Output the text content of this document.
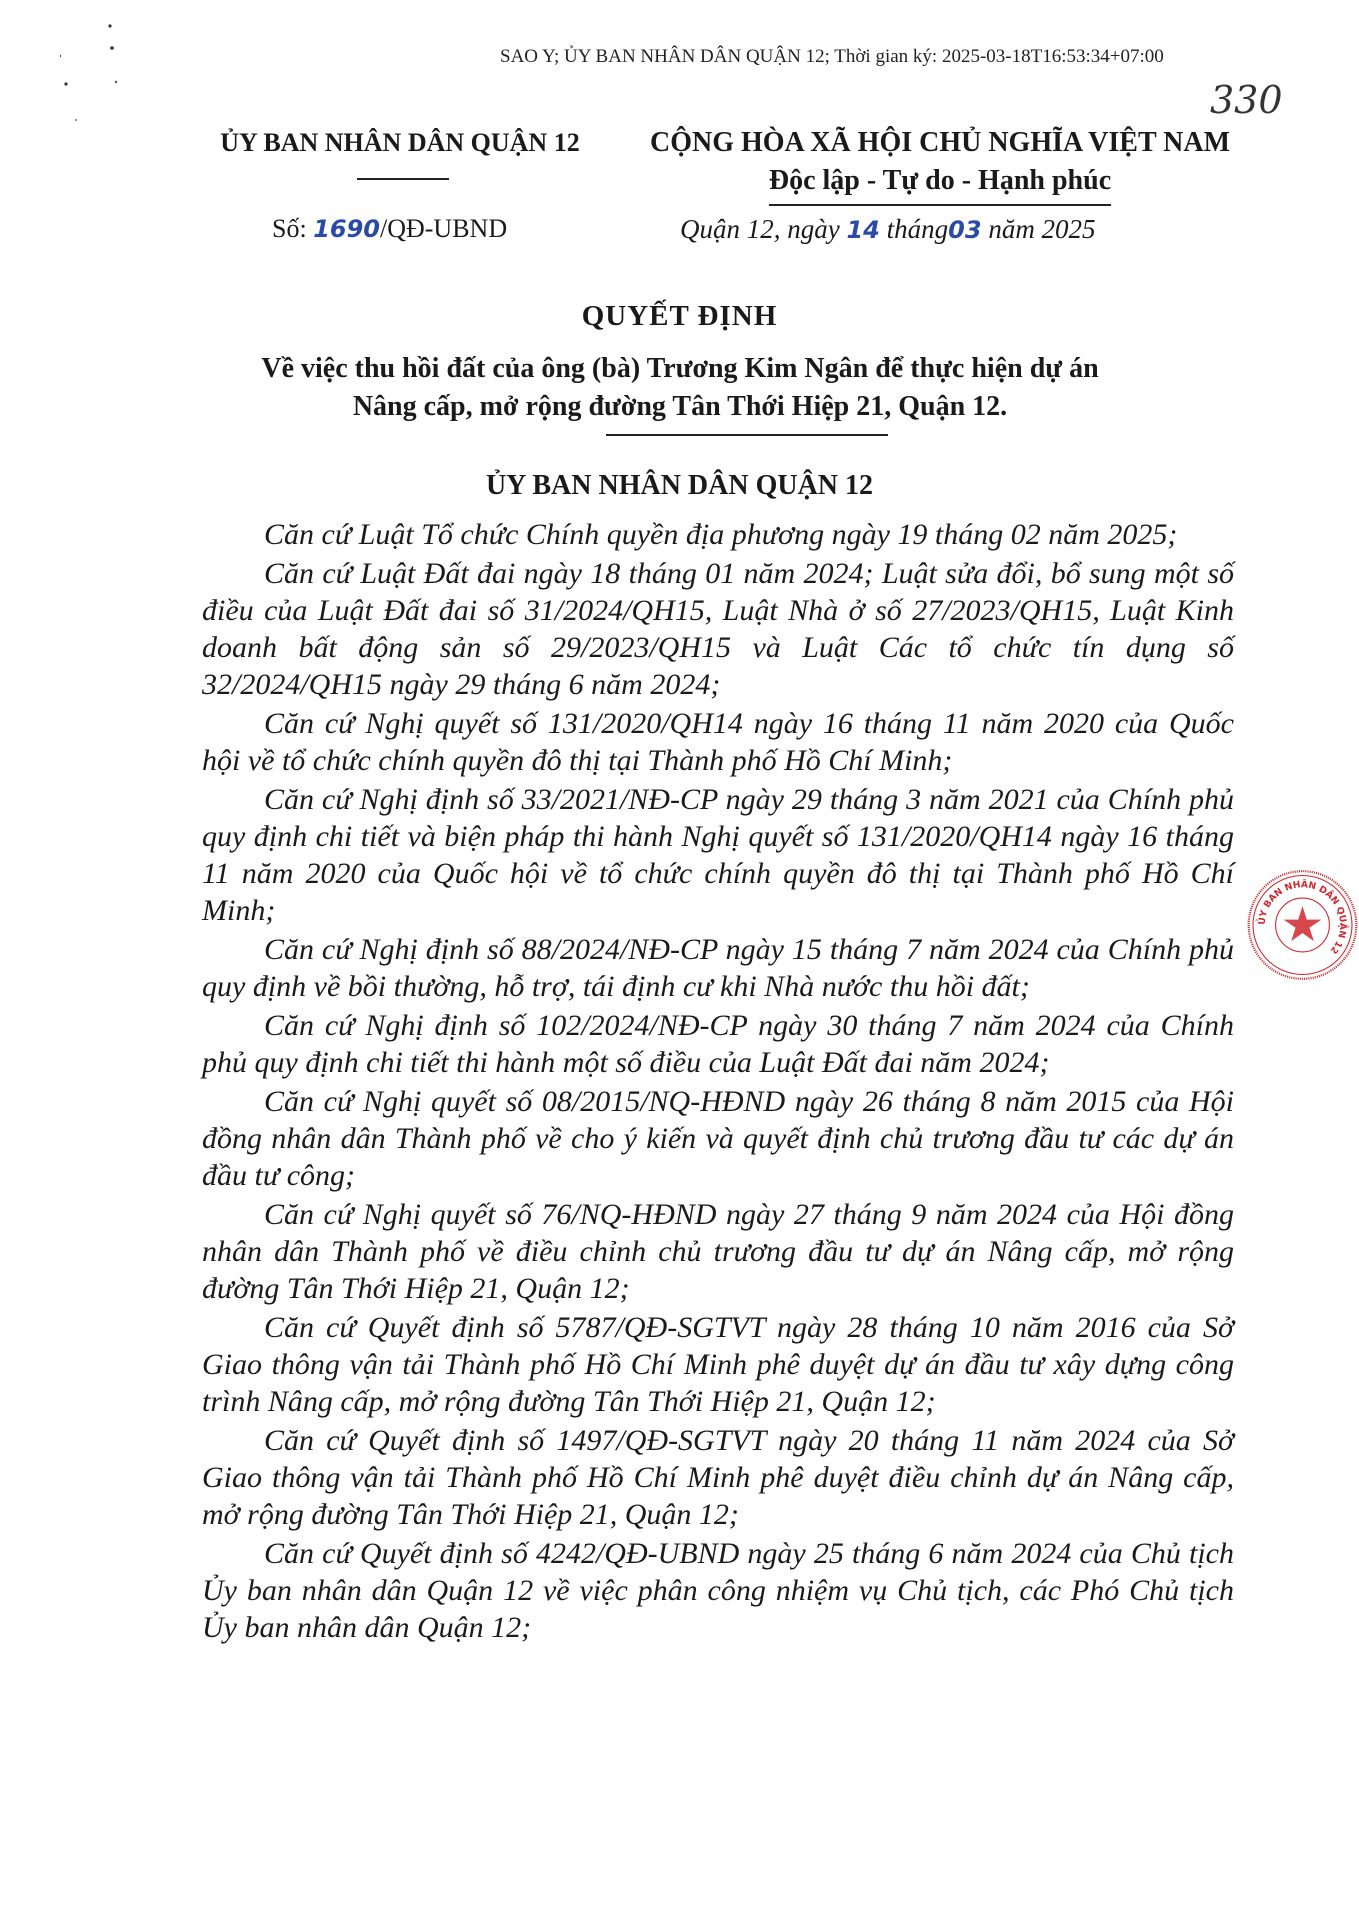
SAO Y; ỦY BAN NHÂN DÂN QUẬN 12; Thời gian ký: 2025-03-18T16:53:34+07:00
330
ỦY BAN NHÂN DÂN QUẬN 12	CỘNG HÒA XÃ HỘI CHỦ NGHĨA VIỆT NAM
Độc lập - Tự do - Hạnh phúc
Số: 1690/QĐ-UBND	Quận 12, ngày 14 tháng03 năm 2025
QUYẾT ĐỊNH
Về việc thu hồi đất của ông (bà) Trương Kim Ngân để thực hiện dự án
Nâng cấp, mở rộng đường Tân Thới Hiệp 21, Quận 12.
ỦY BAN NHÂN DÂN QUẬN 12

Căn cứ Luật Tổ chức Chính quyền địa phương ngày 19 tháng 02 năm 2025;

Căn cứ Luật Đất đai ngày 18 tháng 01 năm 2024; Luật sửa đổi, bổ sung một số điều của Luật Đất đai số 31/2024/QH15, Luật Nhà ở số 27/2023/QH15, Luật Kinh doanh bất động sản số 29/2023/QH15 và Luật Các tổ chức tín dụng số 32/2024/QH15 ngày 29 tháng 6 năm 2024;

Căn cứ Nghị quyết số 131/2020/QH14 ngày 16 tháng 11 năm 2020 của Quốc hội về tổ chức chính quyền đô thị tại Thành phố Hồ Chí Minh;

Căn cứ Nghị định số 33/2021/NĐ-CP ngày 29 tháng 3 năm 2021 của Chính phủ quy định chi tiết và biện pháp thi hành Nghị quyết số 131/2020/QH14 ngày 16 tháng 11 năm 2020 của Quốc hội về tổ chức chính quyền đô thị tại Thành phố Hồ Chí Minh;

Căn cứ Nghị định số 88/2024/NĐ-CP ngày 15 tháng 7 năm 2024 của Chính phủ quy định về bồi thường, hỗ trợ, tái định cư khi Nhà nước thu hồi đất;

Căn cứ Nghị định số 102/2024/NĐ-CP ngày 30 tháng 7 năm 2024 của Chính phủ quy định chi tiết thi hành một số điều của Luật Đất đai năm 2024;

Căn cứ Nghị quyết số 08/2015/NQ-HĐND ngày 26 tháng 8 năm 2015 của Hội đồng nhân dân Thành phố về cho ý kiến và quyết định chủ trương đầu tư các dự án đầu tư công;

Căn cứ Nghị quyết số 76/NQ-HĐND ngày 27 tháng 9 năm 2024 của Hội đồng nhân dân Thành phố về điều chỉnh chủ trương đầu tư dự án Nâng cấp, mở rộng đường Tân Thới Hiệp 21, Quận 12;

Căn cứ Quyết định số 5787/QĐ-SGTVT ngày 28 tháng 10 năm 2016 của Sở Giao thông vận tải Thành phố Hồ Chí Minh phê duyệt dự án đầu tư xây dựng công trình Nâng cấp, mở rộng đường Tân Thới Hiệp 21, Quận 12;

Căn cứ Quyết định số 1497/QĐ-SGTVT ngày 20 tháng 11 năm 2024 của Sở Giao thông vận tải Thành phố Hồ Chí Minh phê duyệt điều chỉnh dự án Nâng cấp, mở rộng đường Tân Thới Hiệp 21, Quận 12;

Căn cứ Quyết định số 4242/QĐ-UBND ngày 25 tháng 6 năm 2024 của Chủ tịch Ủy ban nhân dân Quận 12 về việc phân công nhiệm vụ Chủ tịch, các Phó Chủ tịch Ủy ban nhân dân Quận 12;

ỦY BAN NHÂN DÂN QUẬN 12
